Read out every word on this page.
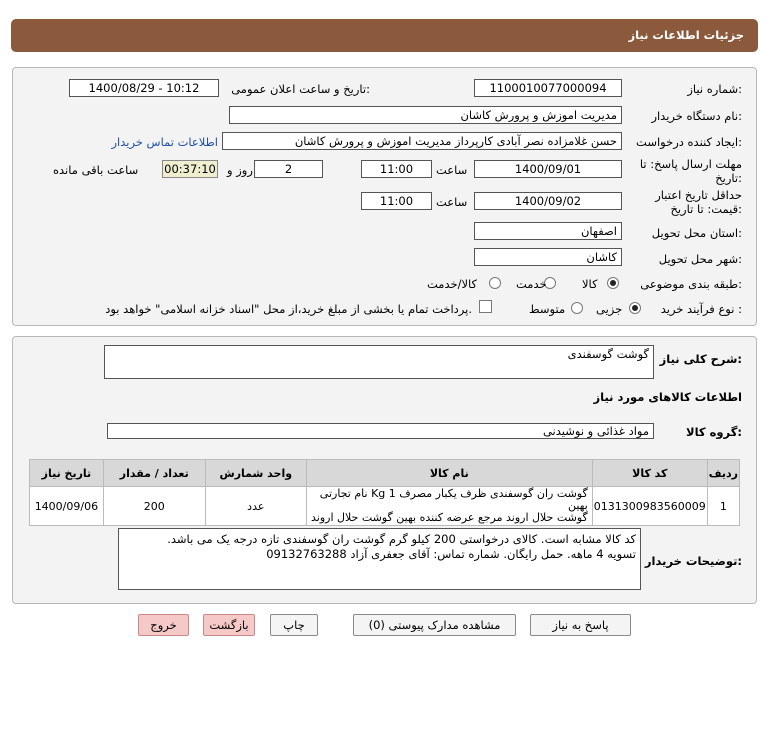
جزئیات اطلاعات نیاز
شماره نیاز:
1100010077000094
تاریخ و ساعت اعلان عمومی:
1400/08/29 - 10:12
نام دستگاه خریدار:
مدیریت اموزش و پرورش کاشان
ایجاد کننده درخواست:
حسن غلامزاده نصر آبادی کارپرداز مدیریت اموزش و پرورش کاشان
اطلاعات تماس خریدار
مهلت ارسال پاسخ: تا
تاریخ:
1400/09/01
ساعت
11:00
2
روز و
00:37:10
ساعت باقی مانده
حداقل تاریخ اعتبار
قیمت: تا تاریخ:
1400/09/02
ساعت
11:00
استان محل تحویل:
اصفهان
شهر محل تحویل:
کاشان
طبقه بندی موضوعی:
کالا
خدمت
کالا/خدمت
نوع فرآیند خرید :
جزیی
متوسط
پرداخت تمام یا بخشی از مبلغ خرید،از محل "اسناد خزانه اسلامی" خواهد بود.
شرح کلی نیاز:
گوشت گوسفندی
اطلاعات کالاهای مورد نیاز
گروه کالا:
مواد غذائی و نوشیدنی
ردیف	کد کالا	نام کالا	واحد شمارش	تعداد / مقدار	تاریخ نیاز
1	0131300983560009	گوشت ران گوسفندی ظرف یکبار مصرف 1 Kg نام تجارتی بهین
گوشت حلال اروند مرجع عرضه کننده بهین گوشت حلال اروند	عدد	200	1400/09/06
توضیحات خریدار:
کد کالا مشابه است. کالای درخواستی 200 کیلو گرم گوشت ران گوسفندی تازه درجه یک می باشد.
تسویه 4 ماهه. حمل رایگان. شماره تماس: آقای جعفری آزاد 09132763288
پاسخ به نیاز
مشاهده مدارک پیوستی (0)
چاپ
بازگشت
خروج
